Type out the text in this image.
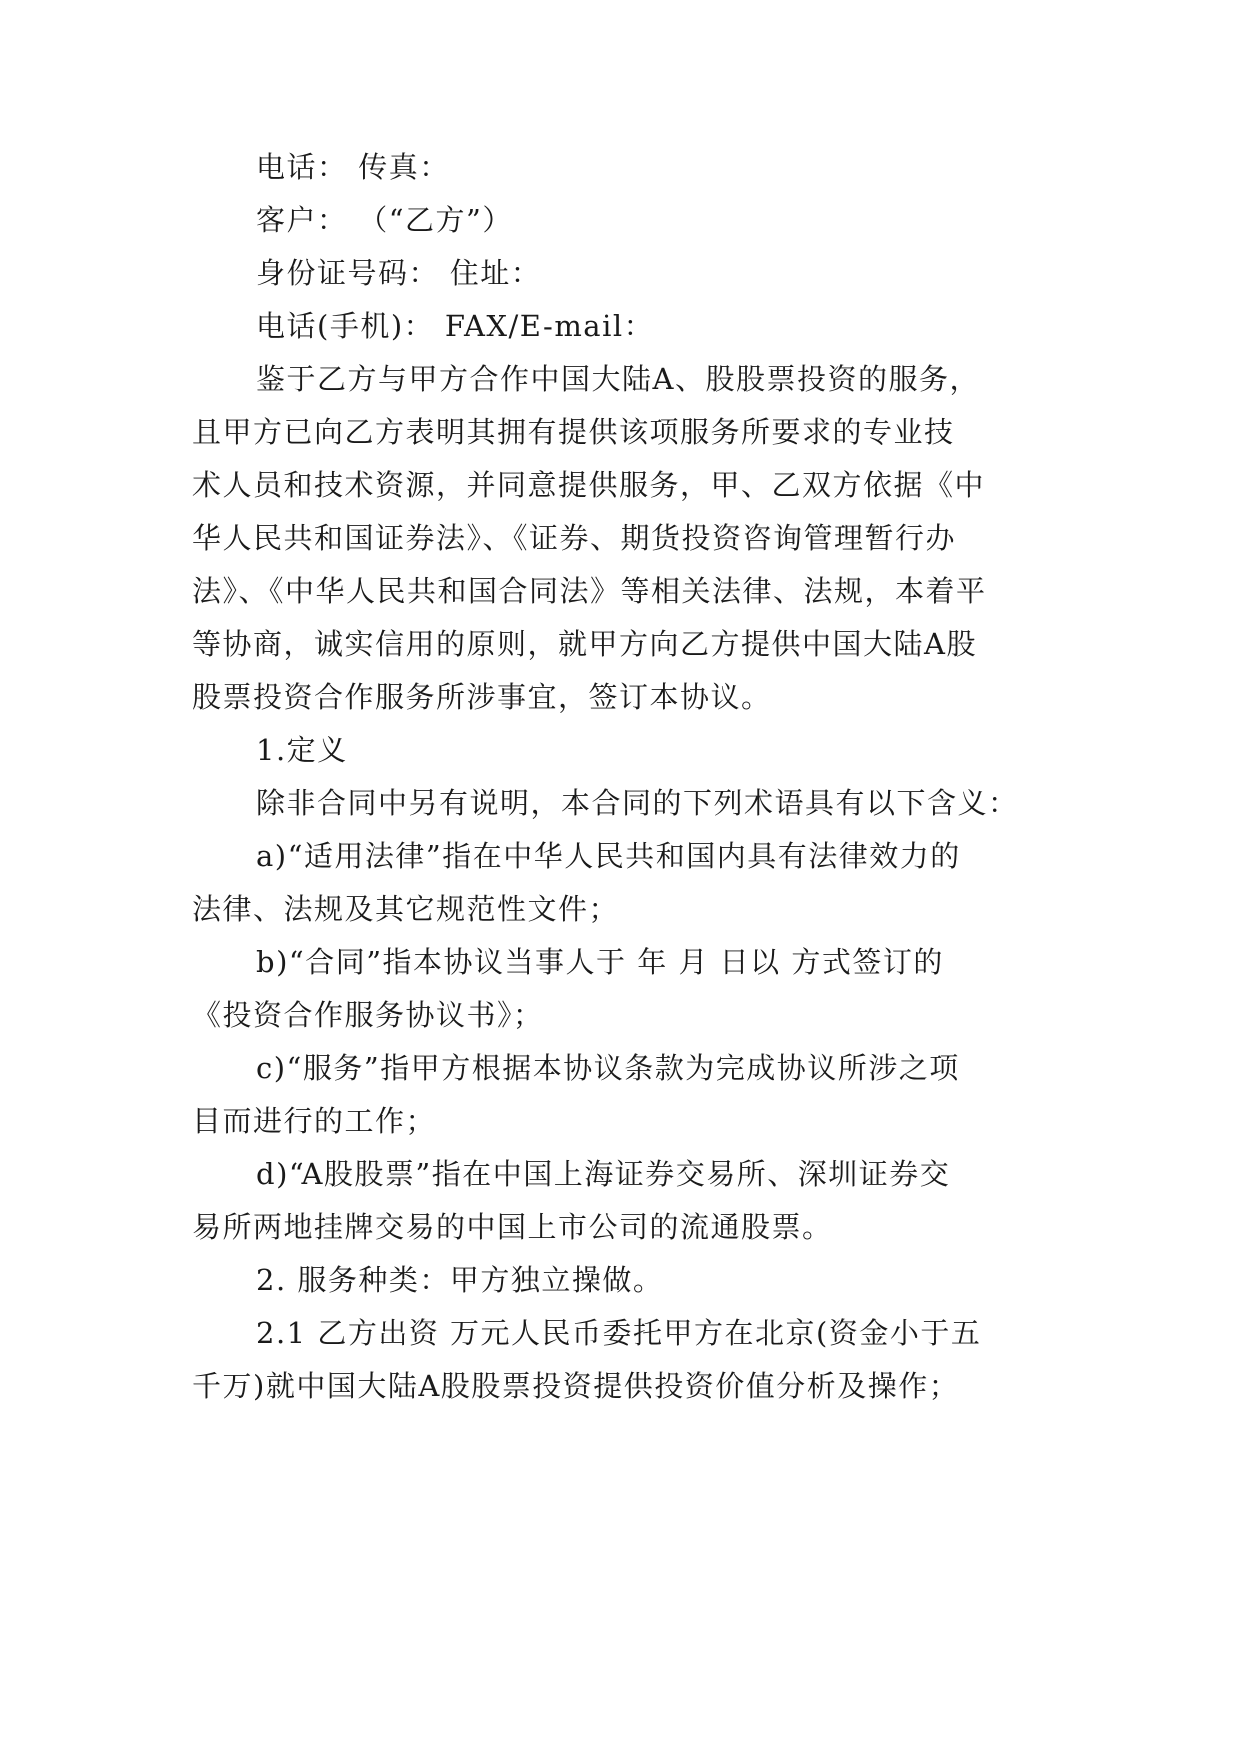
电话： 传真：
客户： （“乙方”）
身份证号码： 住址：
电话(手机)： FAX/E-mail：
鉴于乙方与甲方合作中国大陆A、股股票投资的服务，
且甲方已向乙方表明其拥有提供该项服务所要求的专业技
术人员和技术资源，并同意提供服务，甲、乙双方依据《中
华人民共和国证券法》、《证券、期货投资咨询管理暂行办
法》、《中华人民共和国合同法》等相关法律、法规，本着平
等协商，诚实信用的原则，就甲方向乙方提供中国大陆A股
股票投资合作服务所涉事宜，签订本协议。
1.定义
除非合同中另有说明，本合同的下列术语具有以下含义：
a)“适用法律”指在中华人民共和国内具有法律效力的
法律、法规及其它规范性文件；
b)“合同”指本协议当事人于 年 月 日以 方式签订的
《投资合作服务协议书》；
c)“服务”指甲方根据本协议条款为完成协议所涉之项
目而进行的工作；
d)“A股股票”指在中国上海证券交易所、深圳证券交
易所两地挂牌交易的中国上市公司的流通股票。
2. 服务种类：甲方独立操做。
2.1 乙方出资 万元人民币委托甲方在北京(资金小于五
千万)就中国大陆A股股票投资提供投资价值分析及操作；
